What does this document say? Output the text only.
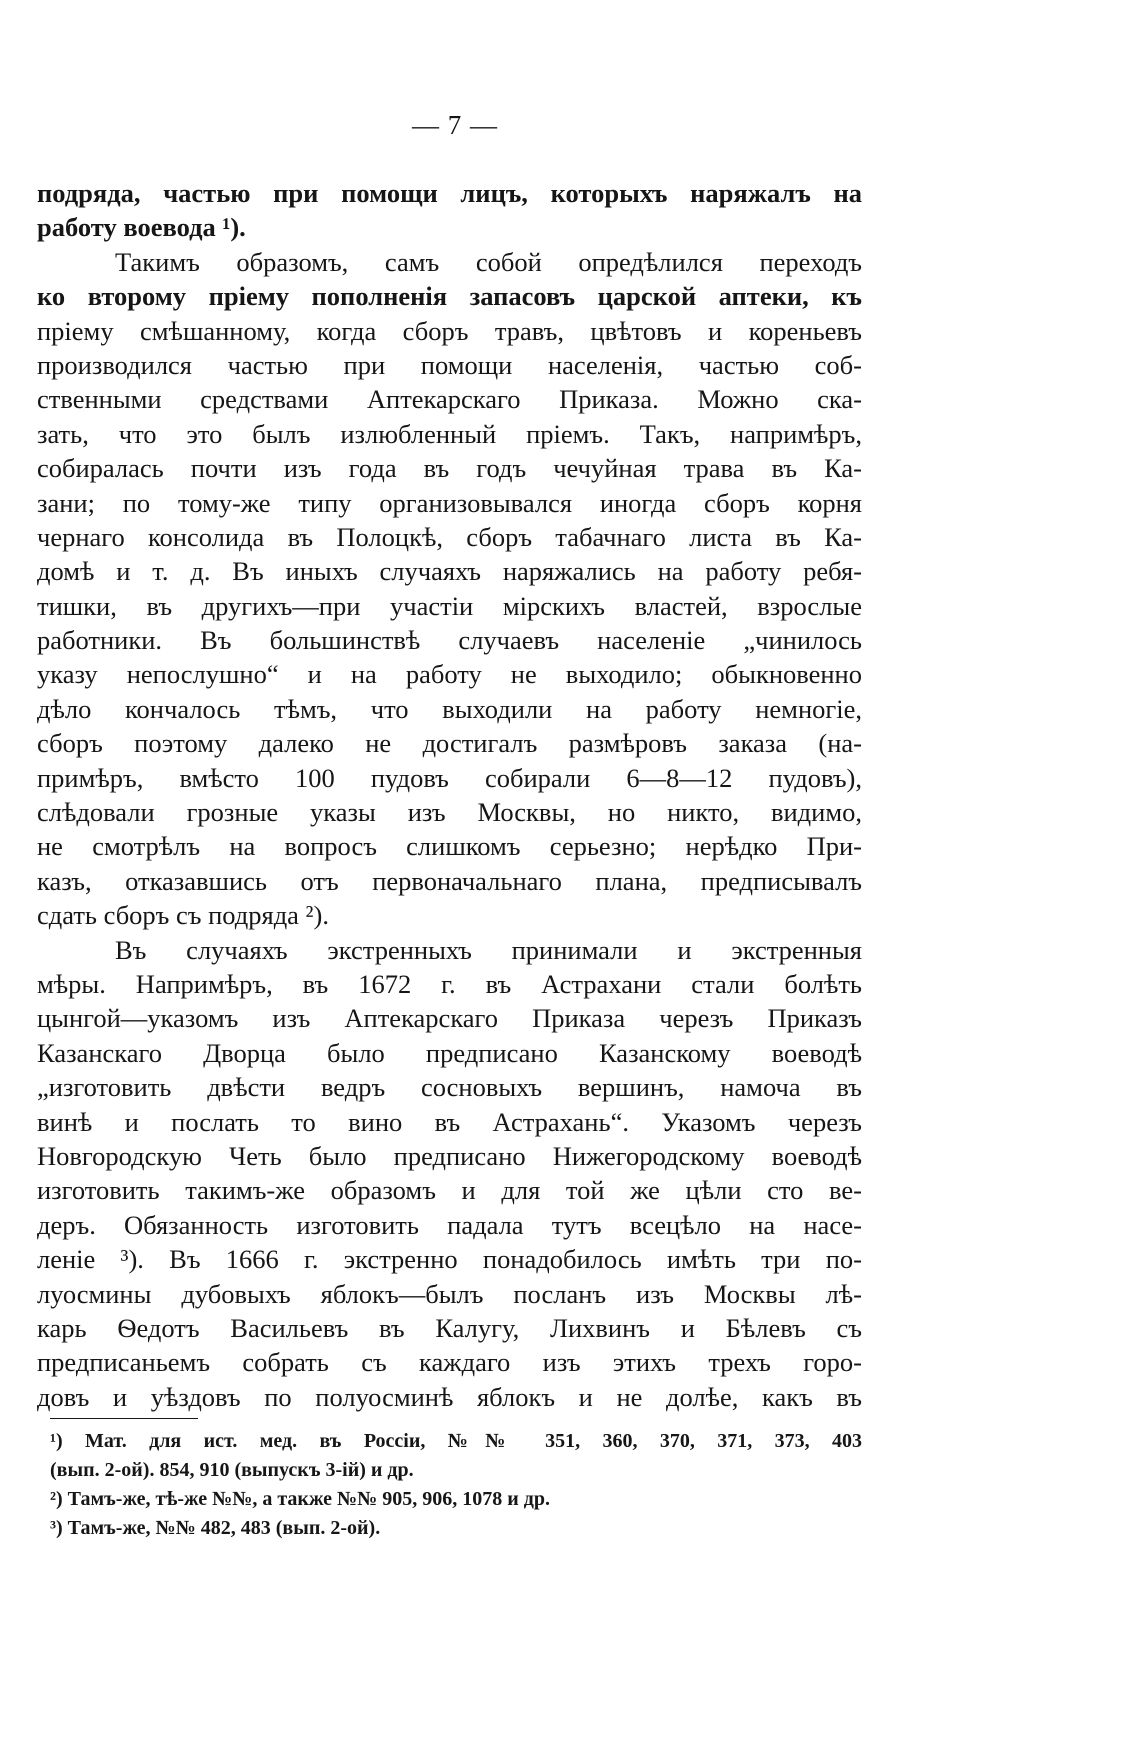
— 7 —
подряда, частью при помощи лицъ, которыхъ наряжалъ на
работу воевода ¹).
Такимъ образомъ, самъ собой опредѣлился переходъ
ко второму пріему пополненія запасовъ царской аптеки, къ
пріему смѣшанному, когда сборъ травъ, цвѣтовъ и кореньевъ
производился частью при помощи населенія, частью соб-
ственными средствами Аптекарскаго Приказа. Можно ска-
зать, что это былъ излюбленный пріемъ. Такъ, напримѣръ,
собиралась почти изъ года въ годъ чечуйная трава въ Ка-
зани; по тому-же типу организовывался иногда сборъ корня
чернаго консолида въ Полоцкѣ, сборъ табачнаго листа въ Ка-
домѣ и т. д. Въ иныхъ случаяхъ наряжались на работу ребя-
тишки, въ другихъ—при участіи мірскихъ властей, взрослые
работники. Въ большинствѣ случаевъ населеніе „чинилось
указу непослушно“ и на работу не выходило; обыкновенно
дѣло кончалось тѣмъ, что выходили на работу немногіе,
сборъ поэтому далеко не достигалъ размѣровъ заказа (на-
примѣръ, вмѣсто 100 пудовъ собирали 6—8—12 пудовъ),
слѣдовали грозные указы изъ Москвы, но никто, видимо,
не смотрѣлъ на вопросъ слишкомъ серьезно; нерѣдко При-
казъ, отказавшись отъ первоначальнаго плана, предписывалъ
сдать сборъ съ подряда ²).
Въ случаяхъ экстренныхъ принимали и экстренныя
мѣры. Напримѣръ, въ 1672 г. въ Астрахани стали болѣть
цынгой—указомъ изъ Аптекарскаго Приказа черезъ Приказъ
Казанскаго Дворца было предписано Казанскому воеводѣ
„изготовить двѣсти ведръ сосновыхъ вершинъ, намоча въ
винѣ и послать то вино въ Астрахань“. Указомъ черезъ
Новгородскую Четь было предписано Нижегородскому воеводѣ
изготовить такимъ-же образомъ и для той же цѣли сто ве-
деръ. Обязанность изготовить падала тутъ всецѣло на насе-
леніе ³). Въ 1666 г. экстренно понадобилось имѣть три по-
луосмины дубовыхъ яблокъ—былъ посланъ изъ Москвы лѣ-
карь Ѳедотъ Васильевъ въ Калугу, Лихвинъ и Бѣлевъ съ
предписаньемъ собрать съ каждаго изъ этихъ трехъ горо-
довъ и уѣздовъ по полуосминѣ яблокъ и не долѣе, какъ въ
¹) Мат. для ист. мед. въ Россіи, №№ 351, 360, 370, 371, 373, 403
(вып. 2-ой). 854, 910 (выпускъ 3-ій) и др.
²) Тамъ-же, тѣ-же №№, а также №№ 905, 906, 1078 и др.
³) Тамъ-же, №№ 482, 483 (вып. 2-ой).
